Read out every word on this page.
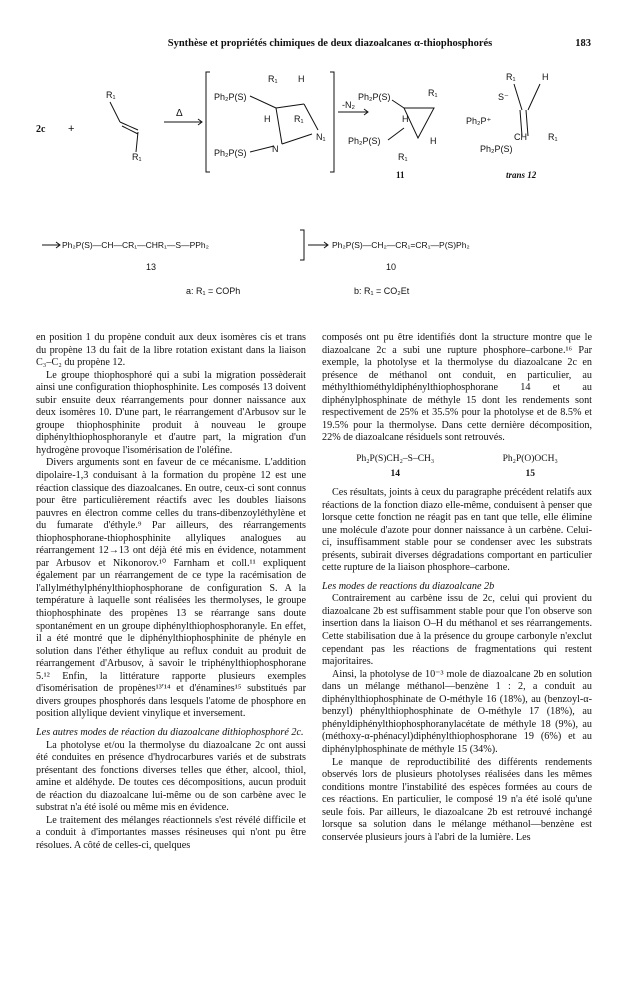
Synthèse et propriétés chimiques de deux diazoalcanes α-thiophosphorés	183
2c +
R₁
R₁
Δ
Ph₂P(S)
Ph₂P(S)
R₁ H
H	R₁
N
N₁
-N₂
Ph₂P(S)
Ph₂P(S)
R₁
H
H
R₁
11
R₁	H
S⁻
Ph₂P⁺
CH R₁
Ph₂P(S)
trans 12
Ph₂P(S)—CH—CR₁—CHR₁—S—PPh₂
13
Ph₂P(S)—CH₂—CR₁=CR₁—P(S)Ph₂
10
a: R₁ = COPh	b: R₁ = CO₂Et

en position 1 du propène conduit aux deux isomères cis et trans du propène 13 du fait de la libre rotation existant dans la liaison C₃–C₂ du propène 12.

Le groupe thiophosphoré qui a subi la migration possèderait ainsi une configuration thiophosphinite. Les composés 13 doivent subir ensuite deux réarrangements pour donner naissance aux deux isomères 10. D'une part, le réarrangement d'Arbusov sur le groupe thiophosphinite produit à nouveau le groupe diphénylthiophosphoranyle et d'autre part, la migration d'un hydrogène provoque l'isomérisation de l'oléfine.

Divers arguments sont en faveur de ce mécanisme. L'addition dipolaire-1,3 conduisant à la formation du propène 12 est une réaction classique des diazoalcanes. En outre, ceux-ci sont connus pour être particulièrement réactifs avec les doubles liaisons pauvres en électron comme celles du trans-dibenzoyléthylène et du fumarate d'éthyle.⁹ Par ailleurs, des réarrangements thiophosphorane-thiophosphinite allyliques analogues au réarrangement 12→13 ont déjà été mis en évidence, notamment par Arbusov et Nikonorov.¹⁰ Farnham et coll.¹¹ expliquent également par un réarrangement de ce type la racémisation de l'allylméthylphénylthiophosphorane de configuration S. A la température à laquelle sont réalisées les thermolyses, le groupe thiophosphinate des propènes 13 se réarrange sans doute spontanément en un groupe diphénylthiophosphoranyle. En effet, il a été montré que le diphénylthiophosphinite de phényle en solution dans l'éther éthylique au reflux conduit au produit de réarrangement d'Arbusov, à savoir le triphénylthiophosphorane 5.¹² Enfin, la littérature rapporte plusieurs exemples d'isomérisation de propènes¹³ʹ¹⁴ et d'énamines¹⁵ substitués par divers groupes phosphorés dans lesquels l'atome de phosphore en position allylique devient vinylique et inversement.

Les autres modes de réaction du diazoalcane dithiophosphoré 2c.

La photolyse et/ou la thermolyse du diazoalcane 2c ont aussi été conduites en présence d'hydrocarbures variés et de substrats présentant des fonctions diverses telles que éther, alcool, thiol, amine et aldéhyde. De toutes ces décompositions, aucun produit de réaction du diazoalcane lui-même ou de son carbène avec le substrat n'a été isolé ou même mis en évidence.

Le traitement des mélanges réactionnels s'est révélé difficile et a conduit à d'importantes masses résineuses qui n'ont pu être résolues. A côté de celles-ci, quelques

composés ont pu être identifiés dont la structure montre que le diazoalcane 2c a subi une rupture phosphore–carbone.¹⁶ Par exemple, la photolyse et la thermolyse du diazoalcane 2c en présence de méthanol ont conduit, en particulier, au méthylthiométhyldiphénylthiophosphorane 14 et au diphénylphosphinate de méthyle 15 dont les rendements sont respectivement de 25% et 35.5% pour la photolyse et de 8.5% et 19.5% pour la thermolyse. Dans cette dernière décomposition, 22% de diazoalcane résiduels sont retrouvés.

Ph₂P(S)CH₂–S–CH₃
14
Ph₂P(O)OCH₃
15

Ces résultats, joints à ceux du paragraphe précédent relatifs aux réactions de la fonction diazo elle-même, conduisent à penser que lorsque cette fonction ne réagit pas en tant que telle, elle élimine une molécule d'azote pour donner naissance à un carbène. Celui-ci, insuffisamment stable pour se condenser avec les substrats présents, subirait diverses dégradations comportant en particulier cette rupture de la liaison phosphore–carbone.

Les modes de reactions du diazoalcane 2b

Contrairement au carbène issu de 2c, celui qui provient du diazoalcane 2b est suffisamment stable pour que l'on observe son insertion dans la liaison O–H du méthanol et ses réarrangements. Cette stabilisation due à la présence du groupe carbonyle n'exclut cependant pas les réactions de fragmentations qui restent majoritaires.

Ainsi, la photolyse de 10⁻³ mole de diazoalcane 2b en solution dans un mélange méthanol—benzène 1 : 2, a conduit au diphénylthiophosphinate de O-méthyle 16 (18%), au (benzoyl-α-benzyl) phénylthiophosphinate de O-méthyle 17 (18%), au phényldiphénylthiophosphoranylacétate de méthyle 18 (9%), au (méthoxy-α-phénacyl)diphénylthiophosphorane 19 (6%) et au diphénylphosphinate de méthyle 15 (34%).

Le manque de reproductibilité des différents rendements observés lors de plusieurs photolyses réalisées dans les mêmes conditions montre l'instabilité des espèces formées au cours de ces réactions. En particulier, le composé 19 n'a été isolé qu'une seule fois. Par ailleurs, le diazoalcane 2b est retrouvé inchangé lorsque sa solution dans le mélange méthanol—benzène est conservée plusieurs jours à l'abri de la lumière. Les
